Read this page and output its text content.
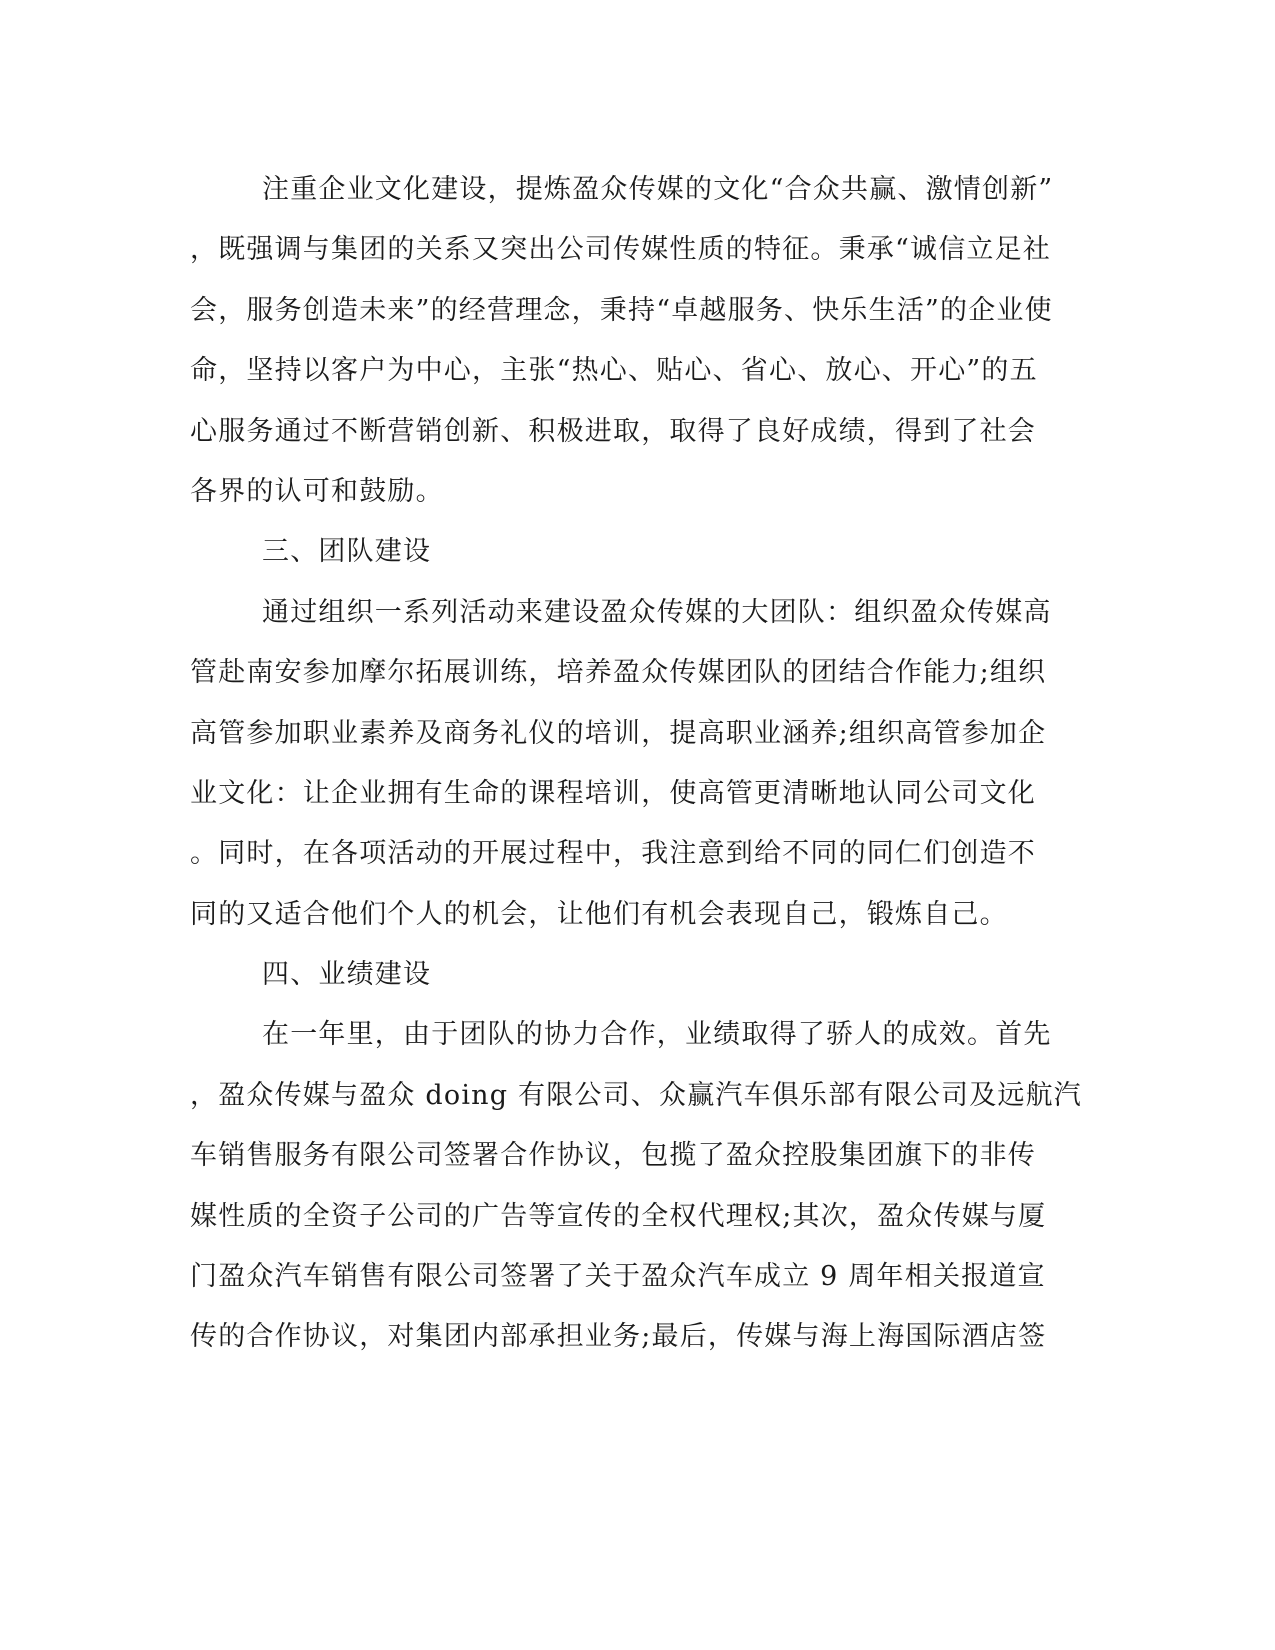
注重企业文化建设，提炼盈众传媒的文化“合众共赢、激情创新”
，既强调与集团的关系又突出公司传媒性质的特征。秉承“诚信立足社
会，服务创造未来”的经营理念，秉持“卓越服务、快乐生活”的企业使
命，坚持以客户为中心，主张“热心、贴心、省心、放心、开心”的五
心服务通过不断营销创新、积极进取，取得了良好成绩，得到了社会
各界的认可和鼓励。
三、团队建设
通过组织一系列活动来建设盈众传媒的大团队：组织盈众传媒高
管赴南安参加摩尔拓展训练，培养盈众传媒团队的团结合作能力;组织
高管参加职业素养及商务礼仪的培训，提高职业涵养;组织高管参加企
业文化：让企业拥有生命的课程培训，使高管更清晰地认同公司文化
。同时，在各项活动的开展过程中，我注意到给不同的同仁们创造不
同的又适合他们个人的机会，让他们有机会表现自己，锻炼自己。
四、业绩建设
在一年里，由于团队的协力合作，业绩取得了骄人的成效。首先
，盈众传媒与盈众 doing 有限公司、众赢汽车俱乐部有限公司及远航汽
车销售服务有限公司签署合作协议，包揽了盈众控股集团旗下的非传
媒性质的全资子公司的广告等宣传的全权代理权;其次，盈众传媒与厦
门盈众汽车销售有限公司签署了关于盈众汽车成立 9 周年相关报道宣
传的合作协议，对集团内部承担业务;最后，传媒与海上海国际酒店签
